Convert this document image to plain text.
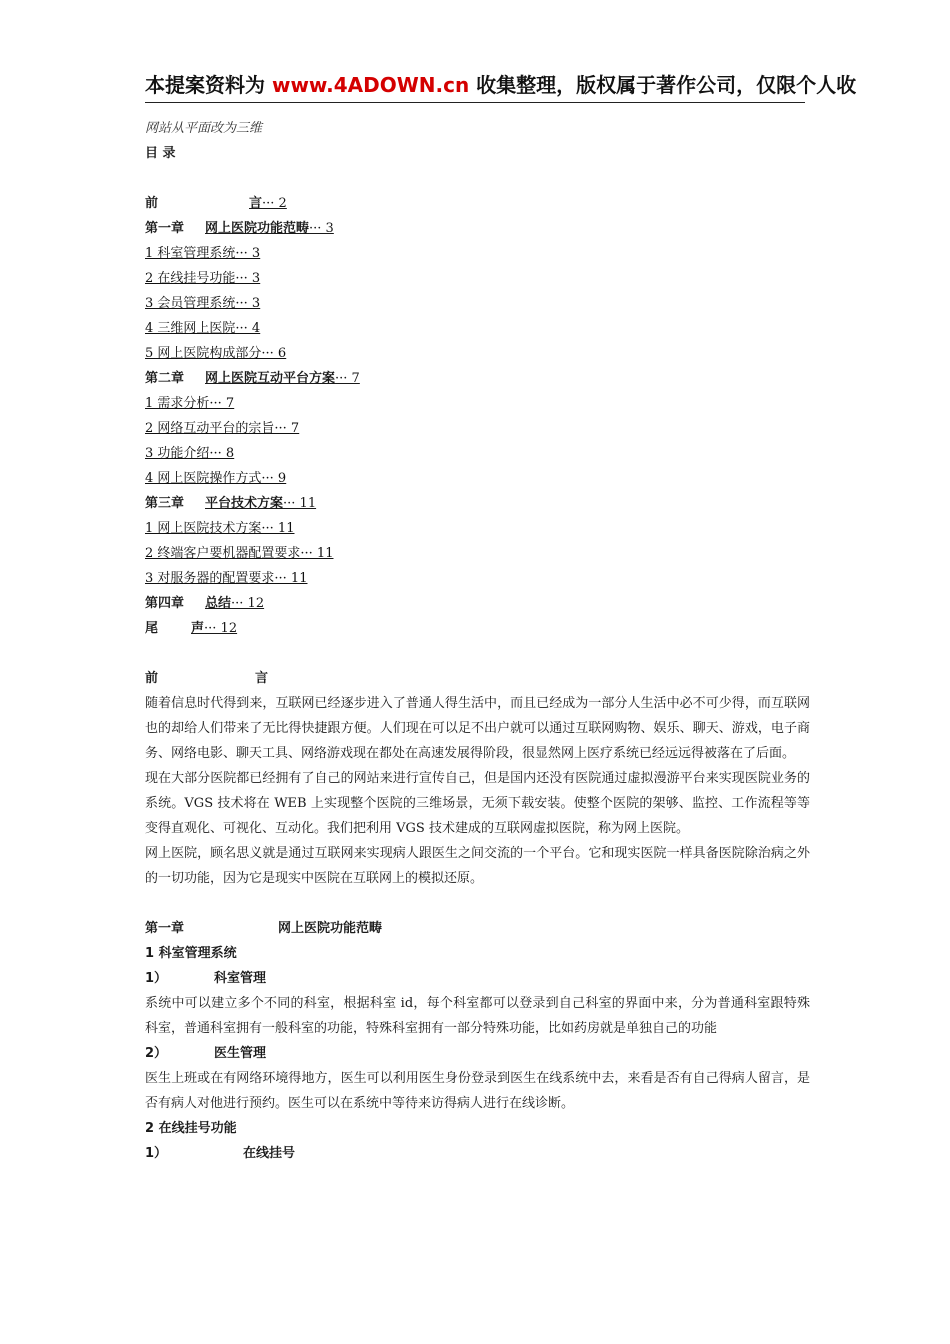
本提案资料为 www.4ADOWN.cn 收集整理，版权属于著作公司，仅限个人收
网站从平面改为三维
目 录
前	言··· 2
第一章 网上医院功能范畴··· 3
1 科室管理系统··· 3
2 在线挂号功能··· 3
3 会员管理系统··· 3
4 三维网上医院··· 4
5 网上医院构成部分··· 6
第二章 网上医院互动平台方案··· 7
1 需求分析··· 7
2 网络互动平台的宗旨··· 7
3 功能介绍··· 8
4 网上医院操作方式··· 9
第三章 平台技术方案··· 11
1 网上医院技术方案··· 11
2 终端客户要机器配置要求··· 11
3 对服务器的配置要求··· 11
第四章 总结··· 12
尾	声··· 12
前	言

随着信息时代得到来，互联网已经逐步进入了普通人得生活中，而且已经成为一部分人生活中必不可少得，而互联网也的却给人们带来了无比得快捷跟方便。人们现在可以足不出户就可以通过互联网购物、娱乐、聊天、游戏，电子商务、网络电影、聊天工具、网络游戏现在都处在高速发展得阶段，很显然网上医疗系统已经远远得被落在了后面。

现在大部分医院都已经拥有了自己的网站来进行宣传自己，但是国内还没有医院通过虚拟漫游平台来实现医院业务的系统。VGS 技术将在 WEB 上实现整个医院的三维场景，无须下载安装。使整个医院的架够、监控、工作流程等等变得直观化、可视化、互动化。我们把利用 VGS 技术建成的互联网虚拟医院，称为网上医院。

网上医院，顾名思义就是通过互联网来实现病人跟医生之间交流的一个平台。它和现实医院一样具备医院除治病之外的一切功能，因为它是现实中医院在互联网上的模拟还原。

第一章	网上医院功能范畴
1 科室管理系统
1）	科室管理

系统中可以建立多个不同的科室，根据科室 id，每个科室都可以登录到自己科室的界面中来，分为普通科室跟特殊科室，普通科室拥有一般科室的功能，特殊科室拥有一部分特殊功能，比如药房就是单独自己的功能

2）	医生管理

医生上班或在有网络环境得地方，医生可以利用医生身份登录到医生在线系统中去，来看是否有自己得病人留言，是否有病人对他进行预约。医生可以在系统中等待来访得病人进行在线诊断。

2 在线挂号功能
1）	在线挂号
